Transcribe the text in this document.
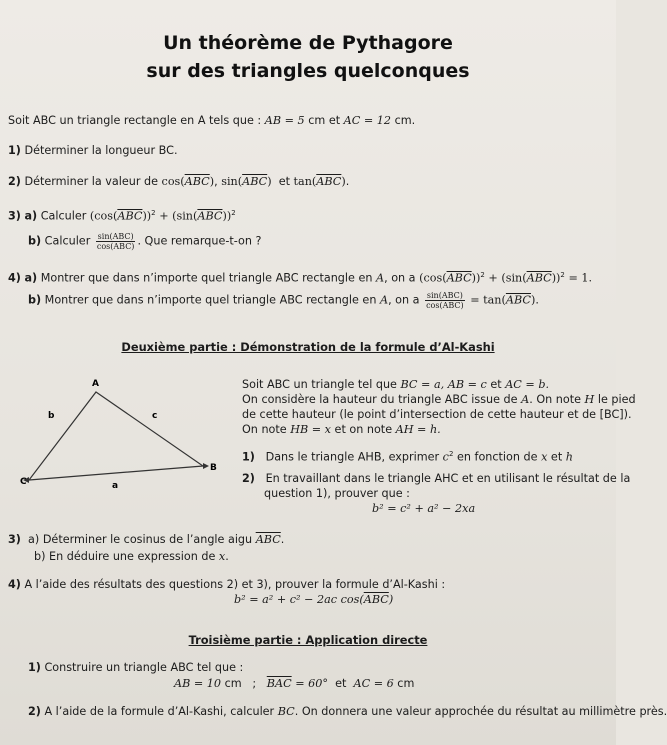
Un théorème de Pythagore
sur des triangles quelconques
Soit ABC un triangle rectangle en A tels que : AB = 5 cm et AC = 12 cm.
1) Déterminer la longueur BC.
2) Déterminer la valeur de $\cos(\overline{ABC})$, $\sin(\overline{ABC})$ et $\tan(\overline{ABC})$.
3) a) Calculer $(\cos(\overline{ABC}))^2 + (\sin(\overline{ABC}))^2$
b) Calculer $\frac{\text{sin(ABC)}}{\text{cos(ABC)}}$ . Que remarque-t-on ?
4) a) Montrer que dans n’importe quel triangle ABC rectangle en A, on a $(\cos(\overline{ABC}))^2 + (\sin(\overline{ABC}))^2 = 1$.
b) Montrer que dans n’importe quel triangle ABC rectangle en A, on a $\frac{\text{sin(ABC)}}{\text{cos(ABC)}} = \tan(\overline{ABC})$.
Deuxième partie : Démonstration de la formule d’Al-Kashi
A
B
C	a
b	c
Soit ABC un triangle tel que BC = a, AB = c et AC = b.
On considère la hauteur du triangle ABC issue de A. On note H le pied
de cette hauteur (le point d’intersection de cette hauteur et de [BC]).
On note HB = x et on note AH = h.
1) Dans le triangle AHB, exprimer $c^2$ en fonction de x et h
2) En travaillant dans le triangle AHC et en utilisant le résultat de la
question 1), prouver que :
b² = c² + a² − 2xa
3) a) Déterminer le cosinus de l’angle aigu $\overline{ABC}$.
b) En déduire une expression de x.
4) A l’aide des résultats des questions 2) et 3), prouver la formule d’Al-Kashi :
b² = a² + c² − 2ac $\cos(\overline{ABC})$
Troisième partie : Application directe
1) Construire un triangle ABC tel que :
AB = 10 cm ; $\overline{BAC} = 60^\circ$ et AC = 6 cm
2) A l’aide de la formule d’Al-Kashi, calculer BC. On donnera une valeur approchée du résultat au millimètre près.
